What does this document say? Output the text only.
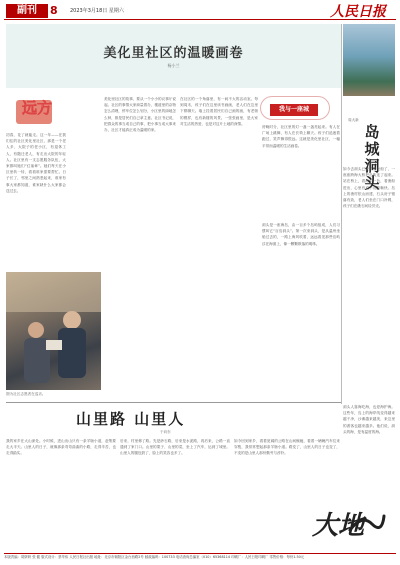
副刊	8 2023年3月18日 星期六	人民日报
美化里社区的温暖画卷
杨小兰
远方
初春，花了就能走。这一年——在我们住的社区美化里社区，那是一个老人多、大院子的老小区，有退休工人，有随迁老人，有走出大院的年轻人。社区里有一支志愿服务队伍，大家都叫她们“红袖章”。她们每天在小区里转一转，看看谁家需要帮忙。日子长了，邻里之间熟悉起来，谁家有事大家都知道，谁家缺什么大家都会送过去。
美化里社区的故事，要从一个小小的议事厅说起。社区的事情大家商量着办，楼道里的杂物怎么清理，停车位怎么划分，小区里的绿地怎么种，都是居民们自己拿主意。社区书记说，把群众的事当成自己的事，把小事当成大事来办，社区才能真正成为温暖的家。
在社区的一个角落里，有一间不大的活动室。每到周末，孩子们在这里读书画画，老人们在这里下棋聊天。墙上挂着居民们自己画的画，有老街的模样，也有新楼的风景。一张张画里，是大家对生活的热爱，也是对这片土地的深情。
傍晚时分，社区里的灯一盏一盏亮起来。有人在广场上跳舞，有人在长椅上聊天。孩子们追逐着跑过，笑声飘得很远。这就是美化里社区，一幅平常而温暖的生活画卷。
图为社区志愿者在巡访。
我与一座城
周大新
岛城洞头
洞头是一座海岛，由一百多个岛屿组成，人们习惯叫它“百岛洞头”。第一次来洞头，是从温州坐船过去的，一路上海风吹着，远远看见那些岛屿浮在海面上，像一颗颗散落的明珠。
如今去洞头已经不用坐船了，一座座跨海大桥把岛屿连了起来。站在桥上，看海天一色，看渔船进出，心里有说不出的畅快。岛上的渔村依山而建，石头房子错落有致，老人们坐在门口补网，孩子们在礁石间捡贝壳。
洞头人靠海吃海，也爱海护海。这些年，岛上的海岸线变得越来越干净，沙滩越来越美，来这里的游客也越来越多。他们说，洞头的海，是有温度的海。
山里路 山里人
于向东
我的家乡在大山深处。小时候，进山出山只有一条羊肠小道，赶集要走大半天。山里人的日子，就像那条弯弯曲曲的小路，走得辛苦，也走得踏实。
后来，村里修了路。先是砂石路，后来是水泥路，再后来，公路一直通到了家门口。山里的果子、山里的菜，坐上了汽车，运到了城里。山里人的腰包鼓了，脸上的笑容也多了。
如今回到家乡，看着宽阔的公路在山间蜿蜒，看着一辆辆汽车往来穿梭，我常常想起那条羊肠小道。路变了，山里人的日子也变了，不变的是山里人那份勤劳与淳朴。
大地
本版责编：胡妍妍 张 健 版式设计：蔡华伟 人民日报社出版 地址：北京市朝阳区金台西路2号 邮政编码：100733 电话查询总编室（010）65368114 印刷厂：人民日报印刷厂 零售价格：每份1.50元
